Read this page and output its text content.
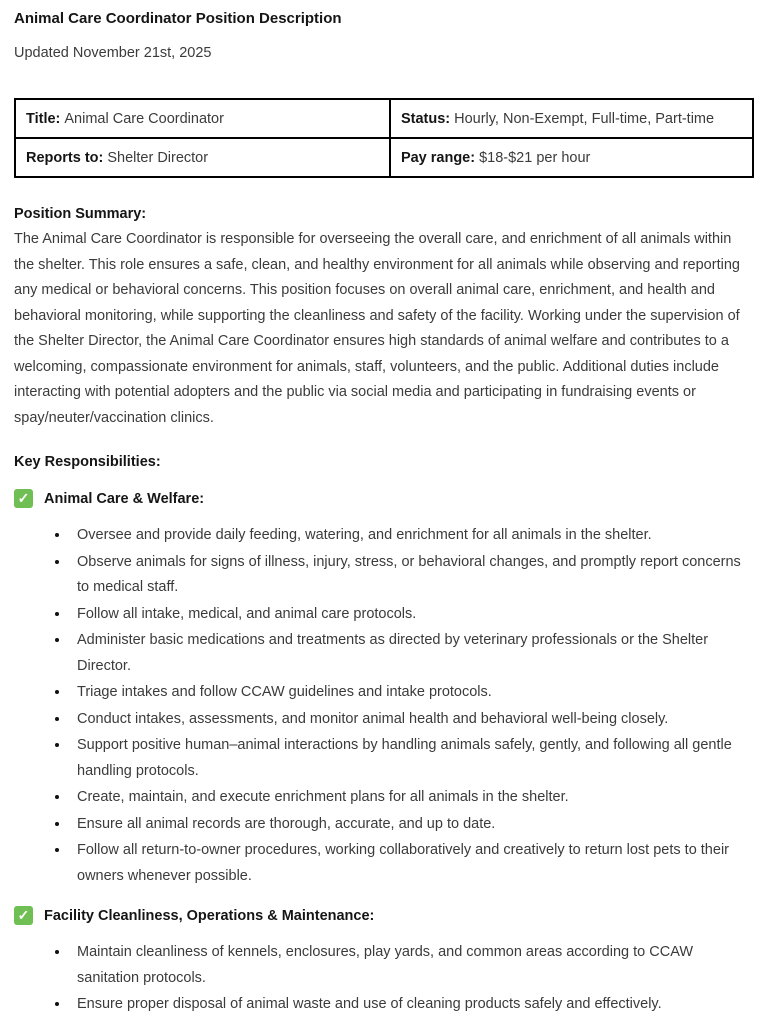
Animal Care Coordinator Position Description
Updated November 21st, 2025
Title: Animal Care Coordinator	Status: Hourly, Non-Exempt, Full-time, Part-time
Reports to: Shelter Director	Pay range: $18-$21 per hour
Position Summary:
The Animal Care Coordinator is responsible for overseeing the overall care, and enrichment of all animals within the shelter. This role ensures a safe, clean, and healthy environment for all animals while observing and reporting any medical or behavioral concerns. This position focuses on overall animal care, enrichment, and health and behavioral monitoring, while supporting the cleanliness and safety of the facility. Working under the supervision of the Shelter Director, the Animal Care Coordinator ensures high standards of animal welfare and contributes to a welcoming, compassionate environment for animals, staff, volunteers, and the public. Additional duties include interacting with potential adopters and the public via social media and participating in fundraising events or spay/neuter/vaccination clinics.
Key Responsibilities:
✓ Animal Care & Welfare:
• Oversee and provide daily feeding, watering, and enrichment for all animals in the shelter.
• Observe animals for signs of illness, injury, stress, or behavioral changes, and promptly report concerns to medical staff.
• Follow all intake, medical, and animal care protocols.
• Administer basic medications and treatments as directed by veterinary professionals or the Shelter Director.
• Triage intakes and follow CCAW guidelines and intake protocols.
• Conduct intakes, assessments, and monitor animal health and behavioral well-being closely.
• Support positive human–animal interactions by handling animals safely, gently, and following all gentle handling protocols.
• Create, maintain, and execute enrichment plans for all animals in the shelter.
• Ensure all animal records are thorough, accurate, and up to date.
• Follow all return-to-owner procedures, working collaboratively and creatively to return lost pets to their owners whenever possible.
✓ Facility Cleanliness, Operations & Maintenance:
• Maintain cleanliness of kennels, enclosures, play yards, and common areas according to CCAW sanitation protocols.
• Ensure proper disposal of animal waste and use of cleaning products safely and effectively.
